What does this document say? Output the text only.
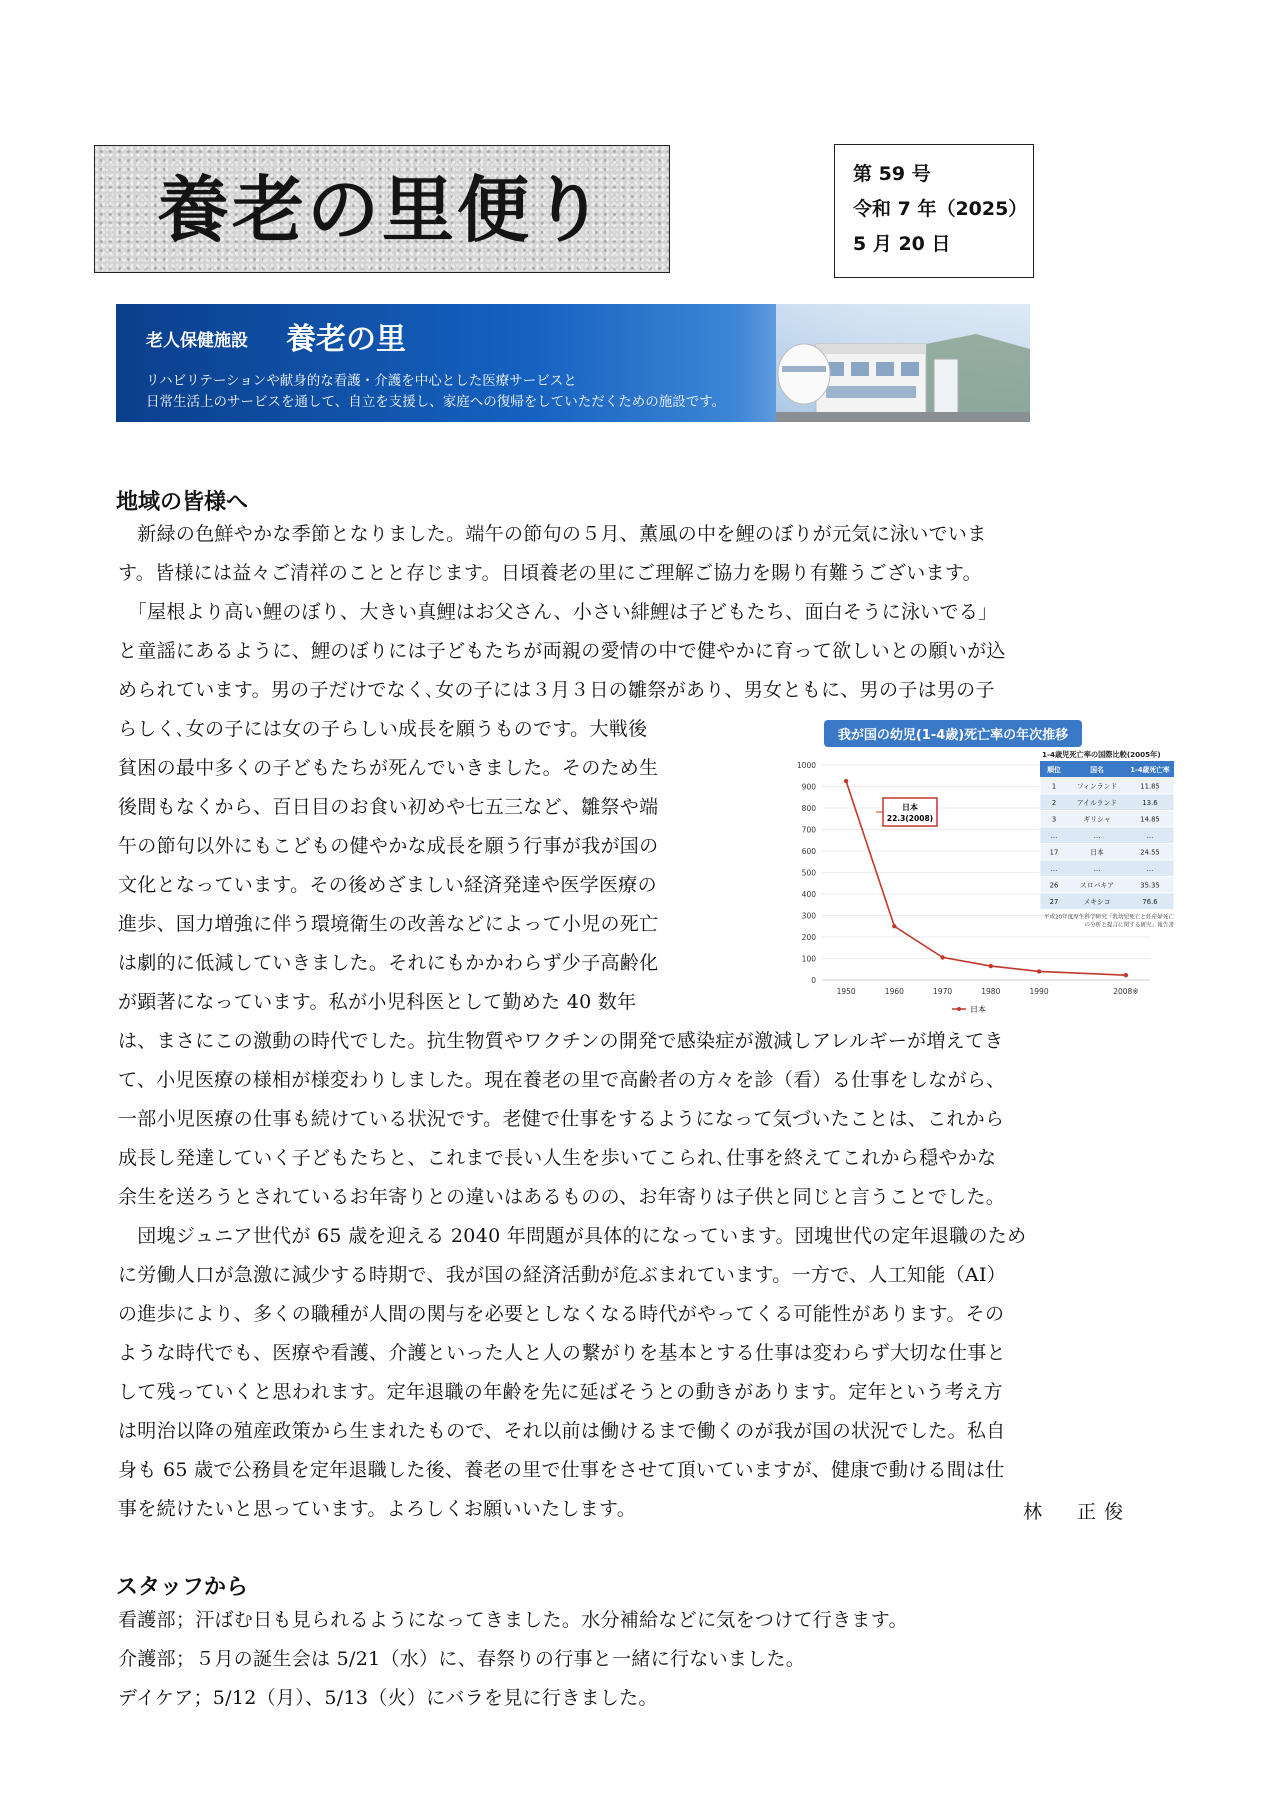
養老の里便り	第 59 号
令和 7 年（2025）
5 月 20 日
老人保健施設 養老の里
リハビリテーションや献身的な看護・介護を中心とした医療サービスと
日常生活上のサービスを通して、自立を支援し、家庭への復帰をしていただくための施設です。
地域の皆様へ
　新緑の色鮮やかな季節となりました。端午の節句の５月、薫風の中を鯉のぼりが元気に泳いでいま
す。皆様には益々ご清祥のことと存じます。日頃養老の里にご理解ご協力を賜り有難うございます。
　「屋根より高い鯉のぼり、大きい真鯉はお父さん、小さい緋鯉は子どもたち、面白そうに泳いでる」
と童謡にあるように、鯉のぼりには子どもたちが両親の愛情の中で健やかに育って欲しいとの願いが込
められています。男の子だけでなく､女の子には３月３日の雛祭があり、男女ともに、男の子は男の子
らしく､女の子には女の子らしい成長を願うものです。大戦後
貧困の最中多くの子どもたちが死んでいきました。そのため生
後間もなくから、百日目のお食い初めや七五三など、雛祭や端
午の節句以外にもこどもの健やかな成長を願う行事が我が国の
文化となっています。その後めざましい経済発達や医学医療の
進歩、国力増強に伴う環境衛生の改善などによって小児の死亡
は劇的に低減していきました。それにもかかわらず少子高齢化
が顕著になっています。私が小児科医として勤めた 40 数年
は、まさにこの激動の時代でした。抗生物質やワクチンの開発で感染症が激減しアレルギーが増えてき
て、小児医療の様相が様変わりしました。現在養老の里で高齢者の方々を診（看）る仕事をしながら、
一部小児医療の仕事も続けている状況です。老健で仕事をするようになって気づいたことは、これから
成長し発達していく子どもたちと、これまで長い人生を歩いてこられ､仕事を終えてこれから穏やかな
余生を送ろうとされているお年寄りとの違いはあるものの、お年寄りは子供と同じと言うことでした。
　団塊ジュニア世代が 65 歳を迎える 2040 年問題が具体的になっています。団塊世代の定年退職のため
に労働人口が急激に減少する時期で、我が国の経済活動が危ぶまれています。一方で、人工知能（AI）
の進歩により、多くの職種が人間の関与を必要としなくなる時代がやってくる可能性があります。その
ような時代でも、医療や看護、介護といった人と人の繋がりを基本とする仕事は変わらず大切な仕事と
して残っていくと思われます。定年退職の年齢を先に延ばそうとの動きがあります。定年という考え方
は明治以降の殖産政策から生まれたもので、それ以前は働けるまで働くのが我が国の状況でした。私自
身も 65 歳で公務員を定年退職した後、養老の里で仕事をさせて頂いていますが、健康で動ける間は仕
事を続けたいと思っています。よろしくお願いいたします。	林　正俊
スタッフから
看護部；汗ばむ日も見られるようになってきました。水分補給などに気をつけて行きます。
介護部；５月の誕生会は 5/21（水）に、春祭りの行事と一緒に行ないました。
デイケア；5/12（月）、5/13（火）にバラを見に行きました。
我が国の幼児(1-4歳)死亡率の年次推移
0
100
200
300
400
500
600
700
800
900
1000
1950	1960	1970	1980	1990	2008※
日本
22.3(2008)
1-4歳児死亡率の国際比較(2005年)
順位	国名	1-4歳死亡率
1	フィンランド	11.85
2	アイルランド	13.6
3	ギリシャ	14.85
…	…	…
17	日本	24.55
…	…	…
26	スロバキア	35.35
27	メキシコ	76.6
平成20年度厚生科学研究「乳幼児死亡と妊産婦死亡
の分析と提言に関する研究」報告書
日本
